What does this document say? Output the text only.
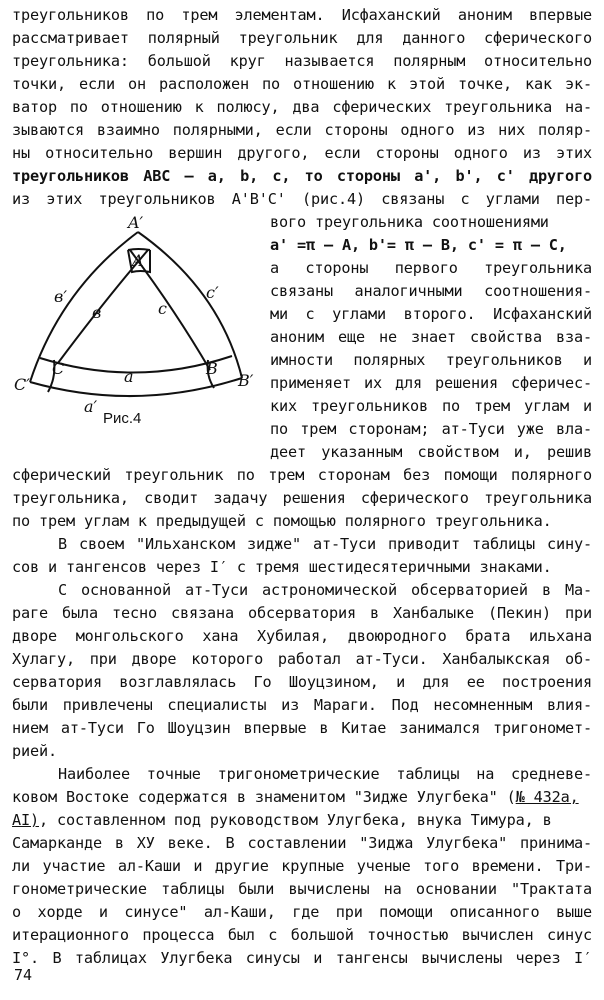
треугольников по трем элементам. Исфаханский аноним впервые
рассматривает полярный треугольник для данного сферического
треугольника: большой круг называется полярным относительно
точки, если он расположен по отношению к этой точке, как эк-
ватор по отношению к полюсу, два сферических треугольника на-
зываются взаимно полярными, если стороны одного из них поляр-
ны относительно вершин другого, если стороны одного из этих
треугольников ABC – a, b, c, то стороны a', b', c' другого
из этих треугольников A'B'C' (рис.4) связаны с углами пер-
вого треугольника соотношениями
a' =π – A, b'= π – B, c' = π – C,
а стороны первого треугольника
связаны аналогичными соотношения-
ми с углами второго. Исфаханский
аноним еще не знает свойства вза-
имности полярных треугольников и
применяет их для решения сферичес-
ких треугольников по трем углам и
по трем сторонам; ат-Туси уже вла-
деет указанным свойством и, решив
сферический треугольник по трем сторонам без помощи полярного
треугольника, сводит задачу решения сферического треугольника
по трем углам к предыдущей с помощью полярного треугольника.
В своем "Ильханском зидже" ат-Туси приводит таблицы сину-
сов и тангенсов через I′ с тремя шестидесятеричными знаками.
С основанной ат-Туси астрономической обсерваторией в Ма-
раге была тесно связана обсерватория в Ханбалыке (Пекин) при
дворе монгольского хана Хубилая, двоюродного брата ильхана
Хулагу, при дворе которого работал ат-Туси. Ханбалыкская об-
серватория возглавлялась Го Шоуцзином, и для ее построения
были привлечены специалисты из Мараги. Под несомненным влия-
нием ат-Туси Го Шоуцзин впервые в Китае занимался тригономет-
рией.
Наиболее точные тригонометрические таблицы на средневе-
ковом Востоке содержатся в знаменитом "Зидже Улугбека" (№ 432а,
AI), составленном под руководством Улугбека, внука Тимура, в
Самарканде в ХУ веке. В составлении "Зиджа Улугбека" принима-
ли участие ал-Каши и другие крупные ученые того времени. Три-
гонометрические таблицы были вычислены на основании "Трактата
о хорде и синусе" ал-Каши, где при помощи описанного выше
итерационного процесса был с большой точностью вычислен синус
I°. В таблицах Улугбека синусы и тангенсы вычислены через I′
A′
A
в′
в	c
c′
C′
C	a	В
В′
a′
Рис.4
74
